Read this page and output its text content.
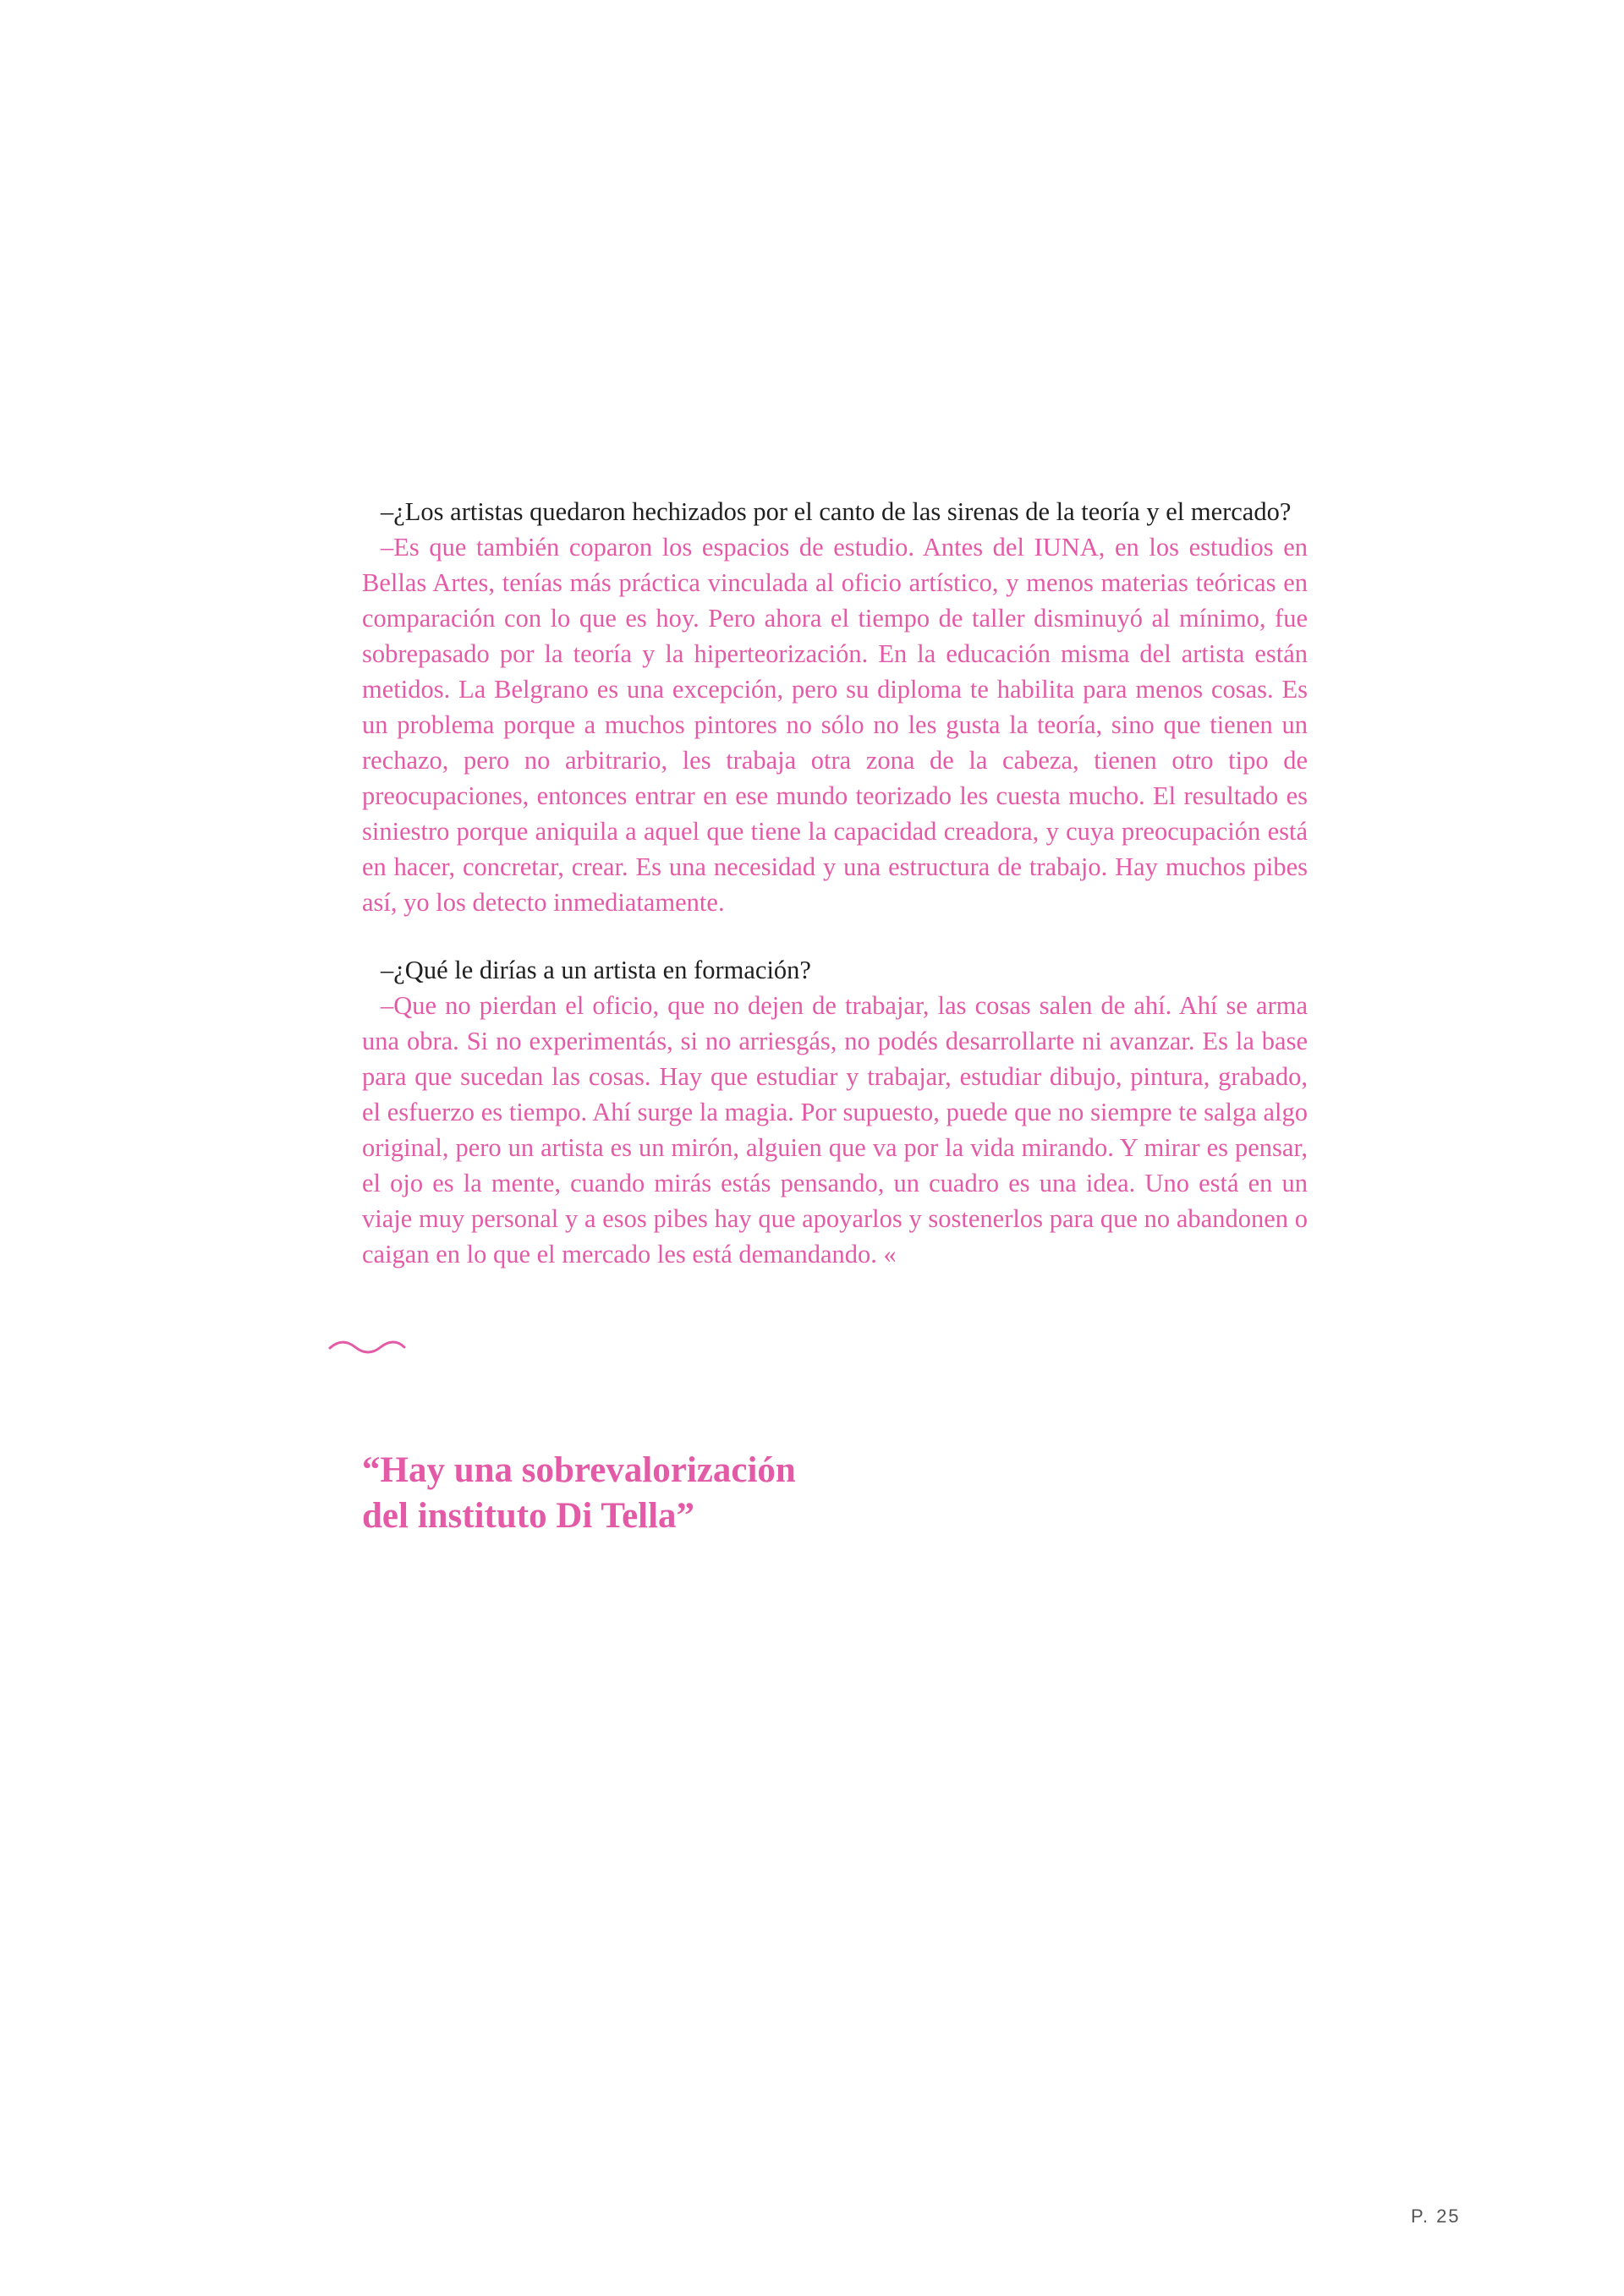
–¿Los artistas quedaron hechizados por el canto de las sirenas de la teoría y el mercado?

–Es que también coparon los espacios de estudio. Antes del IUNA, en los estudios en Bellas Artes, tenías más práctica vinculada al oficio artístico, y menos materias teóricas en comparación con lo que es hoy. Pero ahora el tiempo de taller disminuyó al mínimo, fue sobrepasado por la teoría y la hiperteorización. En la educación misma del artista están metidos. La Belgrano es una excepción, pero su diploma te habilita para menos cosas. Es un problema porque a muchos pintores no sólo no les gusta la teoría, sino que tienen un rechazo, pero no arbitrario, les trabaja otra zona de la cabeza, tienen otro tipo de preocupaciones, entonces entrar en ese mundo teorizado les cuesta mucho. El resultado es siniestro porque aniquila a aquel que tiene la capacidad creadora, y cuya preocupación está en hacer, concretar, crear. Es una necesidad y una estructura de trabajo. Hay muchos pibes así, yo los detecto inmediatamente.

–¿Qué le dirías a un artista en formación?

–Que no pierdan el oficio, que no dejen de trabajar, las cosas salen de ahí. Ahí se arma una obra. Si no experimentás, si no arriesgás, no podés desarrollarte ni avanzar. Es la base para que sucedan las cosas. Hay que estudiar y trabajar, estudiar dibujo, pintura, grabado, el esfuerzo es tiempo. Ahí surge la magia. Por supuesto, puede que no siempre te salga algo original, pero un artista es un mirón, alguien que va por la vida mirando. Y mirar es pensar, el ojo es la mente, cuando mirás estás pensando, un cuadro es una idea. Uno está en un viaje muy personal y a esos pibes hay que apoyarlos y sostenerlos para que no abandonen o caigan en lo que el mercado les está demandando. «

“Hay una sobrevalorización
del instituto Di Tella”
P. 25
